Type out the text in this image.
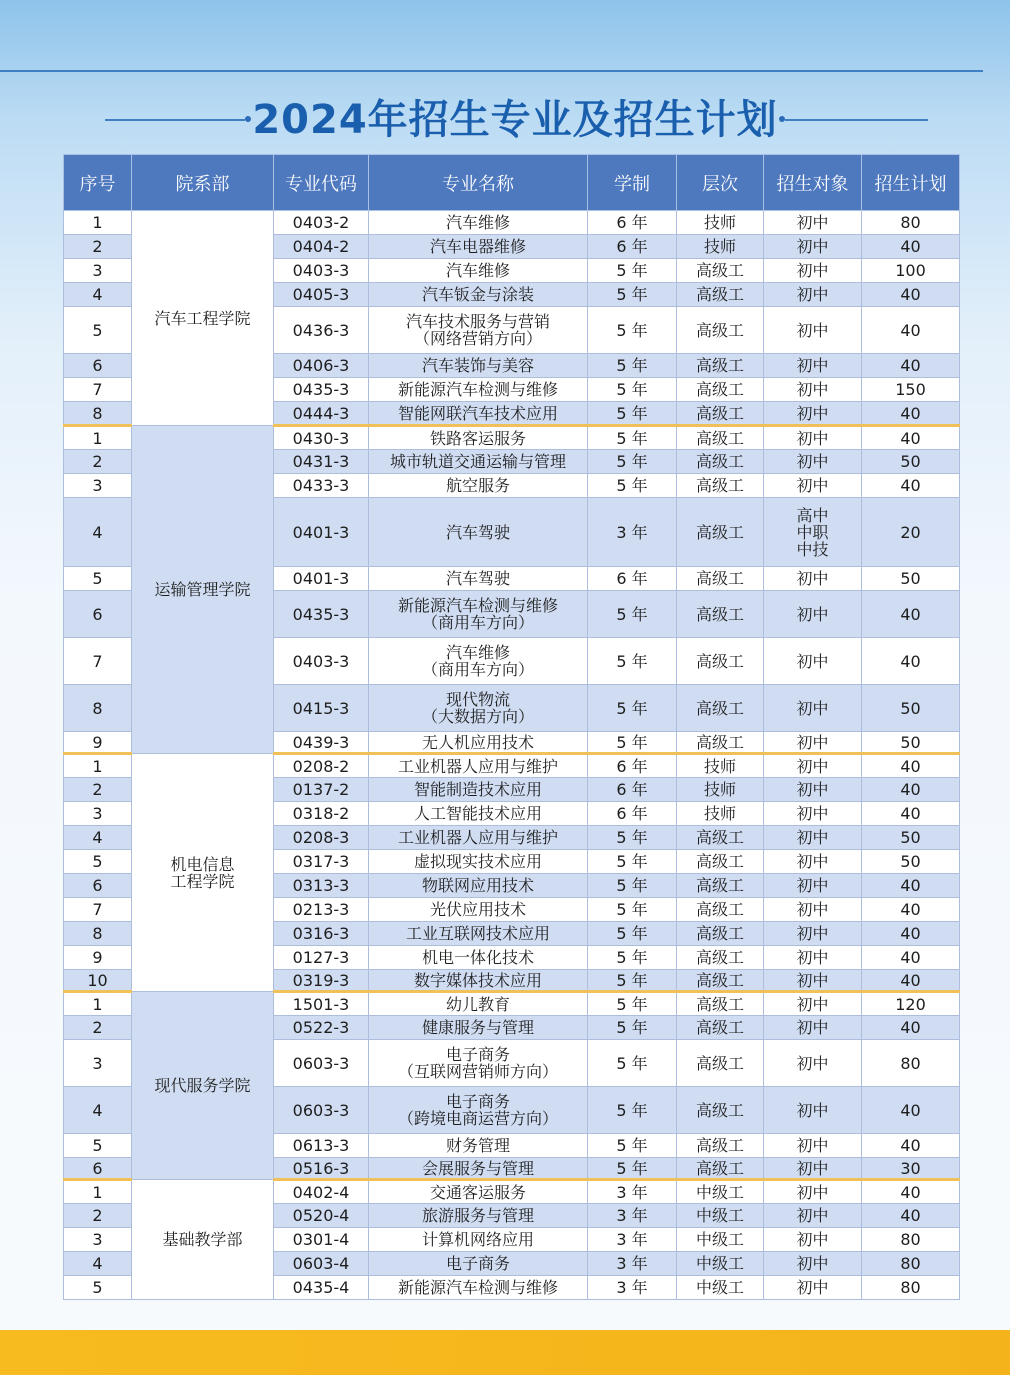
2024年招生专业及招生计划
序号	院系部	专业代码	专业名称	学制	层次	招生对象	招生计划
1	汽车工程学院	0403-2	汽车维修	6 年	技师	初中	80
2		0404-2	汽车电器维修	6 年	技师	初中	40
3		0403-3	汽车维修	5 年	高级工	初中	100
4		0405-3	汽车钣金与涂装	5 年	高级工	初中	40
5		0436-3	汽车技术服务与营销
（网络营销方向）	5 年	高级工	初中	40
6		0406-3	汽车装饰与美容	5 年	高级工	初中	40
7		0435-3	新能源汽车检测与维修	5 年	高级工	初中	150
8		0444-3	智能网联汽车技术应用	5 年	高级工	初中	40
1	运输管理学院	0430-3	铁路客运服务	5 年	高级工	初中	40
2		0431-3	城市轨道交通运输与管理	5 年	高级工	初中	50
3		0433-3	航空服务	5 年	高级工	初中	40
4		0401-3	汽车驾驶	3 年	高级工	高中
中职
中技	20
5		0401-3	汽车驾驶	6 年	高级工	初中	50
6		0435-3	新能源汽车检测与维修
（商用车方向）	5 年	高级工	初中	40
7		0403-3	汽车维修
（商用车方向）	5 年	高级工	初中	40
8		0415-3	现代物流
（大数据方向）	5 年	高级工	初中	50
9		0439-3	无人机应用技术	5 年	高级工	初中	50
1	机电信息
工程学院	0208-2	工业机器人应用与维护	6 年	技师	初中	40
2		0137-2	智能制造技术应用	6 年	技师	初中	40
3		0318-2	人工智能技术应用	6 年	技师	初中	40
4		0208-3	工业机器人应用与维护	5 年	高级工	初中	50
5		0317-3	虚拟现实技术应用	5 年	高级工	初中	50
6		0313-3	物联网应用技术	5 年	高级工	初中	40
7		0213-3	光伏应用技术	5 年	高级工	初中	40
8		0316-3	工业互联网技术应用	5 年	高级工	初中	40
9		0127-3	机电一体化技术	5 年	高级工	初中	40
10		0319-3	数字媒体技术应用	5 年	高级工	初中	40
1	现代服务学院	1501-3	幼儿教育	5 年	高级工	初中	120
2		0522-3	健康服务与管理	5 年	高级工	初中	40
3		0603-3	电子商务
（互联网营销师方向）	5 年	高级工	初中	80
4		0603-3	电子商务
（跨境电商运营方向）	5 年	高级工	初中	40
5		0613-3	财务管理	5 年	高级工	初中	40
6		0516-3	会展服务与管理	5 年	高级工	初中	30
1	基础教学部	0402-4	交通客运服务	3 年	中级工	初中	40
2		0520-4	旅游服务与管理	3 年	中级工	初中	40
3		0301-4	计算机网络应用	3 年	中级工	初中	80
4		0603-4	电子商务	3 年	中级工	初中	80
5		0435-4	新能源汽车检测与维修	3 年	中级工	初中	80
